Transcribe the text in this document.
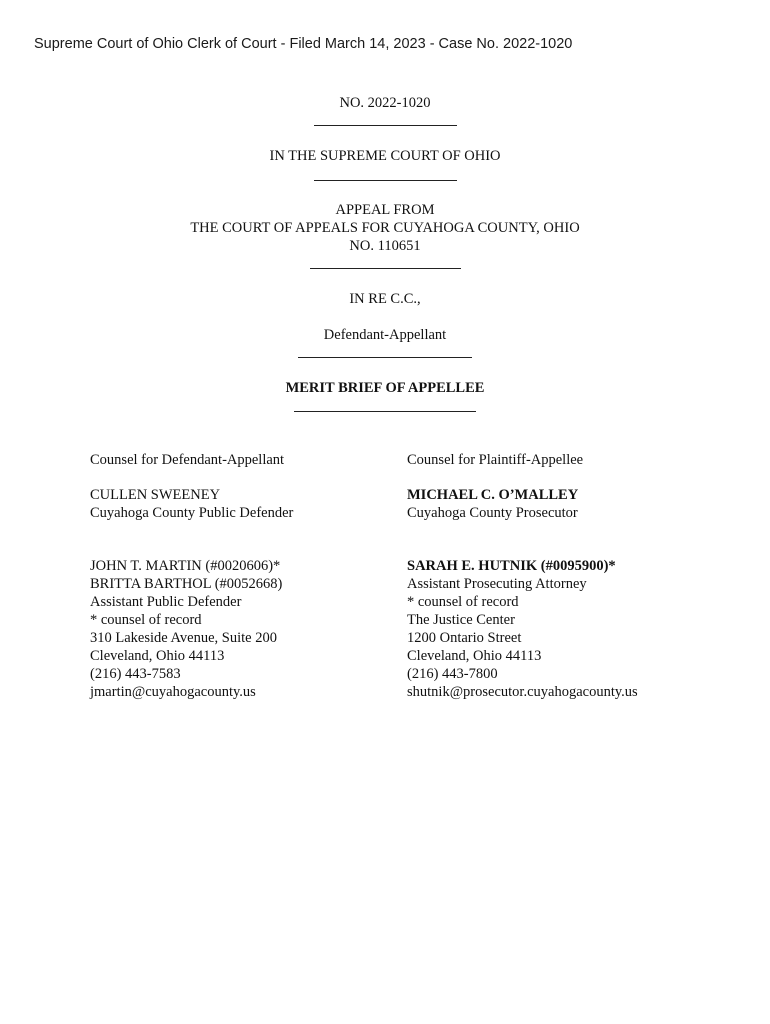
Supreme Court of Ohio Clerk of Court - Filed March 14, 2023 - Case No. 2022-1020
NO. 2022-1020
IN THE SUPREME COURT OF OHIO
APPEAL FROM
THE COURT OF APPEALS FOR CUYAHOGA COUNTY, OHIO
NO. 110651
IN RE C.C.,
Defendant-Appellant
MERIT BRIEF OF APPELLEE
Counsel for Defendant-Appellant
CULLEN SWEENEY
Cuyahoga County Public Defender
JOHN T. MARTIN (#0020606)*
BRITTA BARTHOL (#0052668)
Assistant Public Defender
* counsel of record
310 Lakeside Avenue, Suite 200
Cleveland, Ohio 44113
(216) 443-7583
jmartin@cuyahogacounty.us
Counsel for Plaintiff-Appellee
MICHAEL C. O’MALLEY
Cuyahoga County Prosecutor
SARAH E. HUTNIK (#0095900)*
Assistant Prosecuting Attorney
* counsel of record
The Justice Center
1200 Ontario Street
Cleveland, Ohio 44113
(216) 443-7800
shutnik@prosecutor.cuyahogacounty.us
